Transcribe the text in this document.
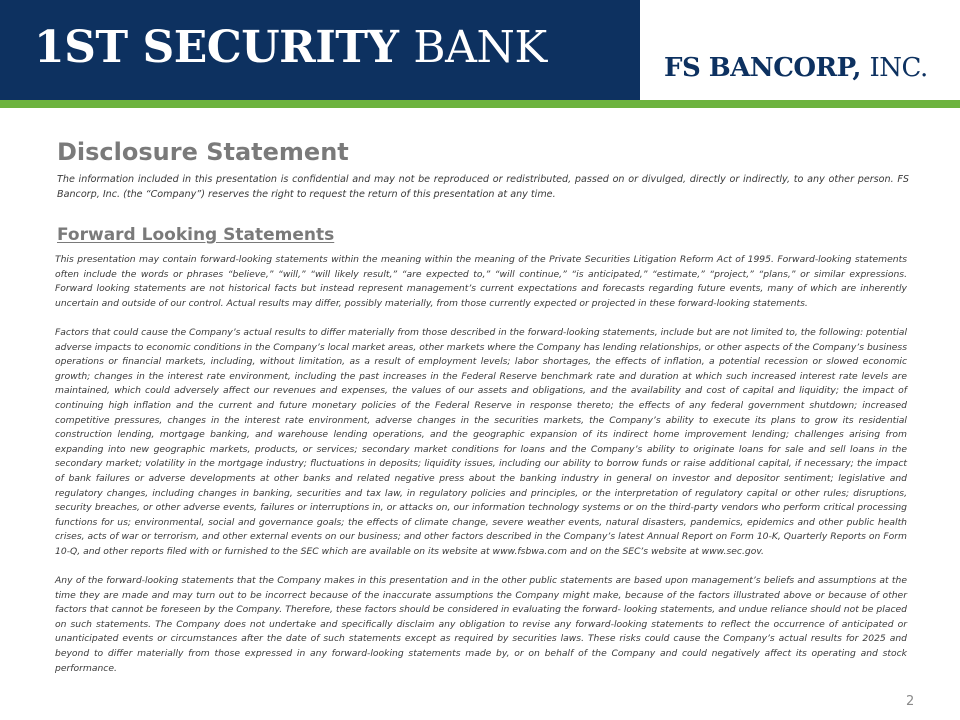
1ST SECURITY BANK	FS BANCORP, INC.
Disclosure Statement
The information included in this presentation is confidential and may not be reproduced or redistributed, passed on or divulged, directly or indirectly, to any other person. FS Bancorp, Inc. (the “Company”) reserves the right to request the return of this presentation at any time.
Forward Looking Statements

This presentation may contain forward-looking statements within the meaning within the meaning of the Private Securities Litigation Reform Act of 1995. Forward-looking statements often include the words or phrases “believe,” “will,” “will likely result,” “are expected to,” “will continue,” “is anticipated,” “estimate,” “project,” “plans,” or similar expressions. Forward looking statements are not historical facts but instead represent management’s current expectations and forecasts regarding future events, many of which are inherently uncertain and outside of our control. Actual results may differ, possibly materially, from those currently expected or projected in these forward-looking statements.

Factors that could cause the Company’s actual results to differ materially from those described in the forward-looking statements, include but are not limited to, the following: potential adverse impacts to economic conditions in the Company’s local market areas, other markets where the Company has lending relationships, or other aspects of the Company’s business operations or financial markets, including, without limitation, as a result of employment levels; labor shortages, the effects of inflation, a potential recession or slowed economic growth; changes in the interest rate environment, including the past increases in the Federal Reserve benchmark rate and duration at which such increased interest rate levels are maintained, which could adversely affect our revenues and expenses, the values of our assets and obligations, and the availability and cost of capital and liquidity; the impact of continuing high inflation and the current and future monetary policies of the Federal Reserve in response thereto; the effects of any federal government shutdown; increased competitive pressures, changes in the interest rate environment, adverse changes in the securities markets, the Company’s ability to execute its plans to grow its residential construction lending, mortgage banking, and warehouse lending operations, and the geographic expansion of its indirect home improvement lending; challenges arising from expanding into new geographic markets, products, or services; secondary market conditions for loans and the Company’s ability to originate loans for sale and sell loans in the secondary market; volatility in the mortgage industry; fluctuations in deposits; liquidity issues, including our ability to borrow funds or raise additional capital, if necessary; the impact of bank failures or adverse developments at other banks and related negative press about the banking industry in general on investor and depositor sentiment; legislative and regulatory changes, including changes in banking, securities and tax law, in regulatory policies and principles, or the interpretation of regulatory capital or other rules; disruptions, security breaches, or other adverse events, failures or interruptions in, or attacks on, our information technology systems or on the third-party vendors who perform critical processing functions for us; environmental, social and governance goals; the effects of climate change, severe weather events, natural disasters, pandemics, epidemics and other public health crises, acts of war or terrorism, and other external events on our business; and other factors described in the Company’s latest Annual Report on Form 10-K, Quarterly Reports on Form 10-Q, and other reports filed with or furnished to the SEC which are available on its website at www.fsbwa.com and on the SEC’s website at www.sec.gov.

Any of the forward-looking statements that the Company makes in this presentation and in the other public statements are based upon management’s beliefs and assumptions at the time they are made and may turn out to be incorrect because of the inaccurate assumptions the Company might make, because of the factors illustrated above or because of other factors that cannot be foreseen by the Company. Therefore, these factors should be considered in evaluating the forward- looking statements, and undue reliance should not be placed on such statements. The Company does not undertake and specifically disclaim any obligation to revise any forward-looking statements to reflect the occurrence of anticipated or unanticipated events or circumstances after the date of such statements except as required by securities laws. These risks could cause the Company’s actual results for 2025 and beyond to differ materially from those expressed in any forward-looking statements made by, or on behalf of the Company and could negatively affect its operating and stock performance.

2
